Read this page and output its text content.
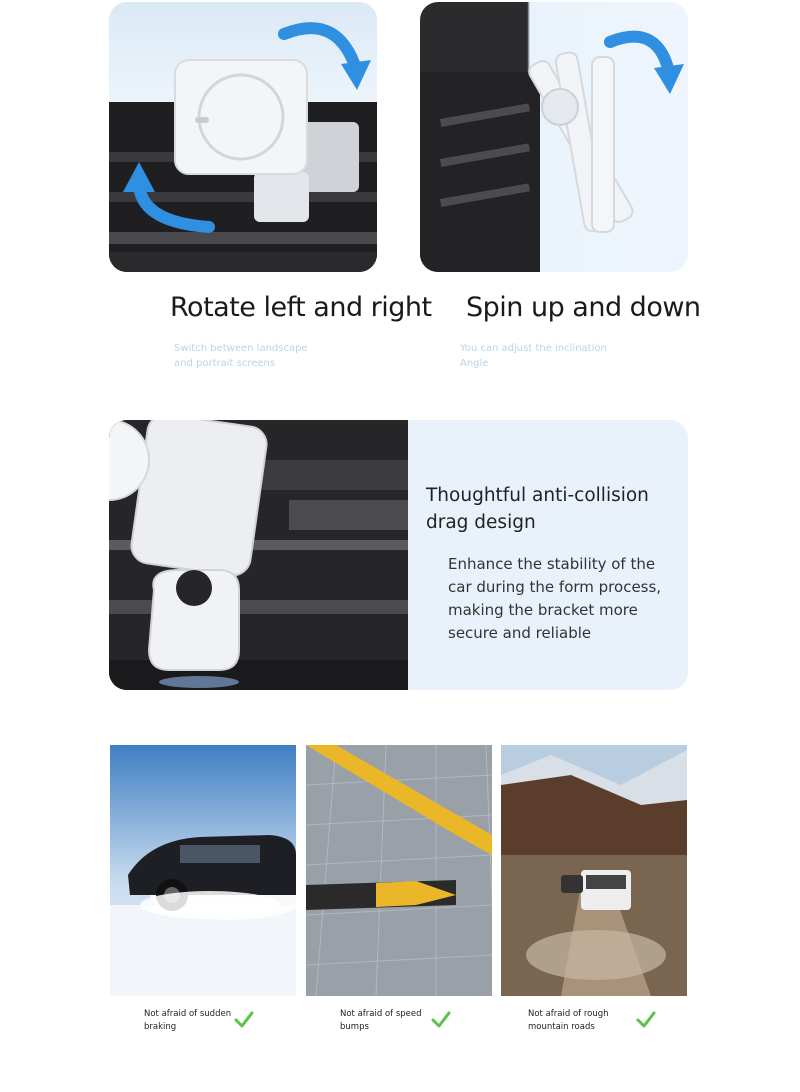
Rotate left and right Spin up and down
Switch between landscape and portrait screens
You can adjust the inclination Angle
Thoughtful anti-collision drag design
Enhance the stability of the car during the form process, making the bracket more secure and reliable
Not afraid of sudden braking
Not afraid of speed bumps
Not afraid of rough mountain roads
